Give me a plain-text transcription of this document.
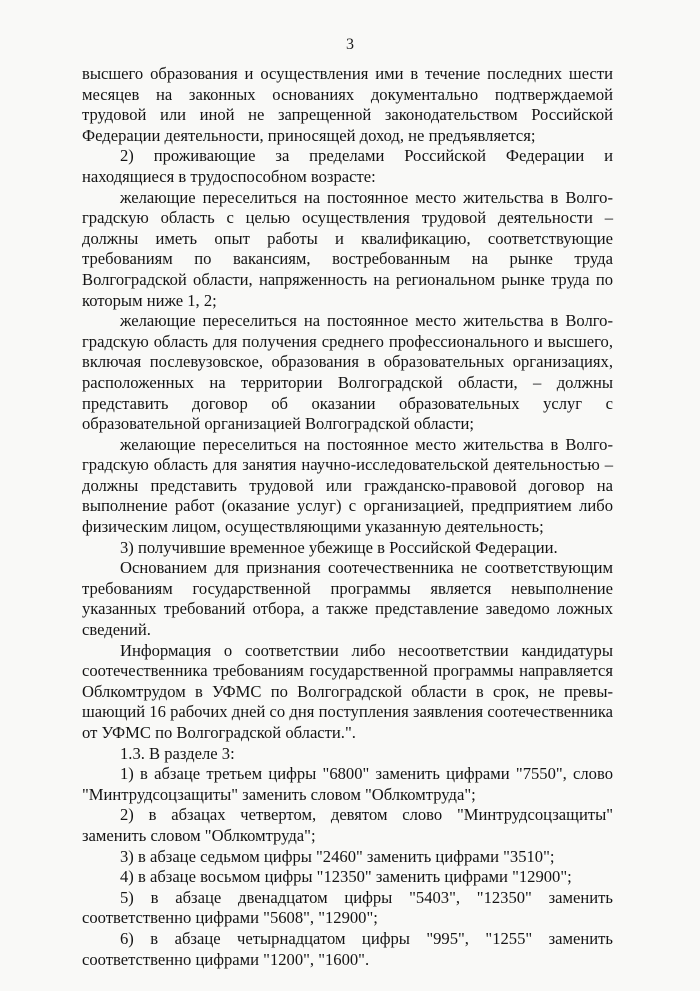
3

высшего образования и осуществления ими в течение последних шести месяцев на законных основаниях документально подтверждаемой трудовой или иной не запрещенной законодательством Российской Федерации деятельности, приносящей доход, не предъявляется;

2) проживающие за пределами Российской Федерации и находящиеся в трудоспособном возрасте:

желающие переселиться на постоянное место жительства в Волгоградскую область с целью осуществления трудовой деятельности – должны иметь опыт работы и квалификацию, соответствующие требованиям по вакансиям, востребованным на рынке труда Волгоградской области, напряженность на региональном рынке труда по которым ниже 1, 2;

желающие переселиться на постоянное место жительства в Волгоградскую область для получения среднего профессионального и высшего, включая послевузовское, образования в образовательных организациях, расположенных на территории Волгоградской области, – должны представить договор об оказании образовательных услуг с образовательной организацией Волгоградской области;

желающие переселиться на постоянное место жительства в Волгоградскую область для занятия научно-исследовательской деятельностью – должны представить трудовой или гражданско-правовой договор на выполнение работ (оказание услуг) с организацией, предприятием либо физическим лицом, осуществляющими указанную деятельность;

3) получившие временное убежище в Российской Федерации.

Основанием для признания соотечественника не соответствующим требованиям государственной программы является невыполнение указанных требований отбора, а также представление заведомо ложных сведений.

Информация о соответствии либо несоответствии кандидатуры соотечественника требованиям государственной программы направляется Облкомтрудом в УФМС по Волгоградской области в срок, не превышающий 16 рабочих дней со дня поступления заявления соотечественника от УФМС по Волгоградской области.".

1.3. В разделе 3:

1) в абзаце третьем цифры "6800" заменить цифрами "7550", слово "Минтрудсоцзащиты" заменить словом "Облкомтруда";

2) в абзацах четвертом, девятом слово "Минтрудсоцзащиты" заменить словом "Облкомтруда";

3) в абзаце седьмом цифры "2460" заменить цифрами "3510";

4) в абзаце восьмом цифры "12350" заменить цифрами "12900";

5) в абзаце двенадцатом цифры "5403", "12350" заменить соответственно цифрами "5608", "12900";

6) в абзаце четырнадцатом цифры "995", "1255" заменить соответственно цифрами "1200", "1600".
